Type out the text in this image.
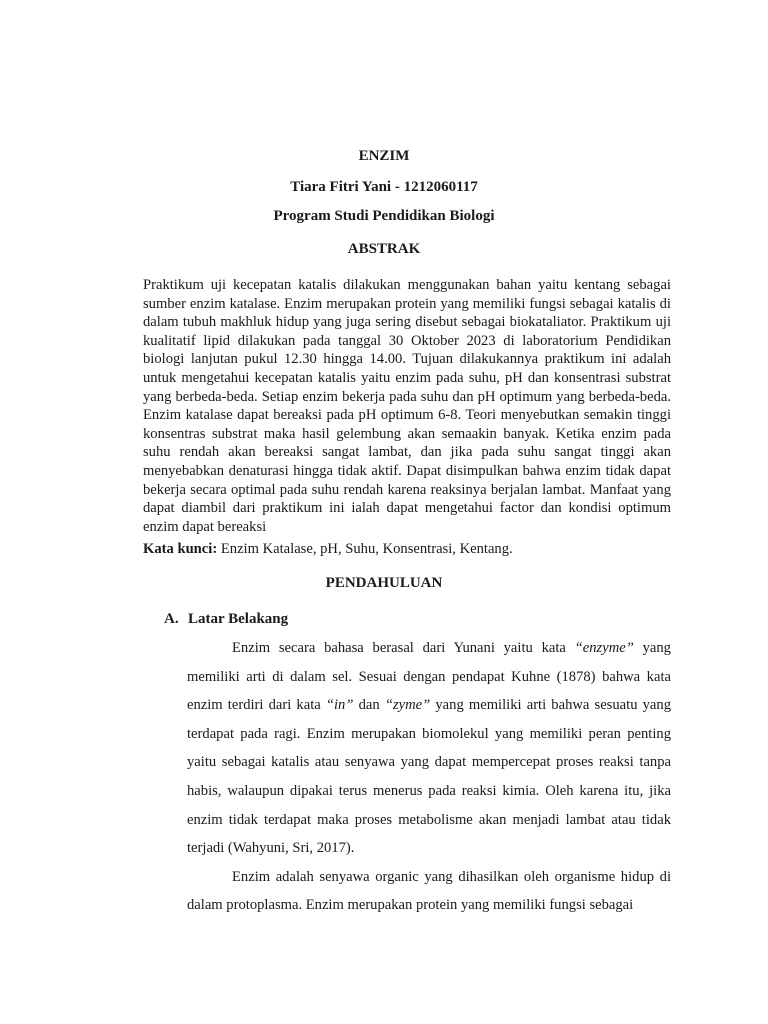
ENZIM
Tiara Fitri Yani - 1212060117
Program Studi Pendidikan Biologi
ABSTRAK

Praktikum uji kecepatan katalis dilakukan menggunakan bahan yaitu kentang sebagai sumber enzim katalase. Enzim merupakan protein yang memiliki fungsi sebagai katalis di dalam tubuh makhluk hidup yang juga sering disebut sebagai biokataliator. Praktikum uji kualitatif lipid dilakukan pada tanggal 30 Oktober 2023 di laboratorium Pendidikan biologi lanjutan pukul 12.30 hingga 14.00. Tujuan dilakukannya praktikum ini adalah untuk mengetahui kecepatan katalis yaitu enzim pada suhu, pH dan konsentrasi substrat yang berbeda-beda. Setiap enzim bekerja pada suhu dan pH optimum yang berbeda-beda. Enzim katalase dapat bereaksi pada pH optimum 6-8. Teori menyebutkan semakin tinggi konsentras substrat maka hasil gelembung akan semaakin banyak. Ketika enzim pada suhu rendah akan bereaksi sangat lambat, dan jika pada suhu sangat tinggi akan menyebabkan denaturasi hingga tidak aktif. Dapat disimpulkan bahwa enzim tidak dapat bekerja secara optimal pada suhu rendah karena reaksinya berjalan lambat. Manfaat yang dapat diambil dari praktikum ini ialah dapat mengetahui factor dan kondisi optimum enzim dapat bereaksi

Kata kunci: Enzim Katalase, pH, Suhu, Konsentrasi, Kentang.

PENDAHULUAN
A. Latar Belakang

Enzim secara bahasa berasal dari Yunani yaitu kata “enzyme” yang memiliki arti di dalam sel. Sesuai dengan pendapat Kuhne (1878) bahwa kata enzim terdiri dari kata “in” dan “zyme” yang memiliki arti bahwa sesuatu yang terdapat pada ragi. Enzim merupakan biomolekul yang memiliki peran penting yaitu sebagai katalis atau senyawa yang dapat mempercepat proses reaksi tanpa habis, walaupun dipakai terus menerus pada reaksi kimia. Oleh karena itu, jika enzim tidak terdapat maka proses metabolisme akan menjadi lambat atau tidak terjadi (Wahyuni, Sri, 2017).

Enzim adalah senyawa organic yang dihasilkan oleh organisme hidup di dalam protoplasma. Enzim merupakan protein yang memiliki fungsi sebagai
